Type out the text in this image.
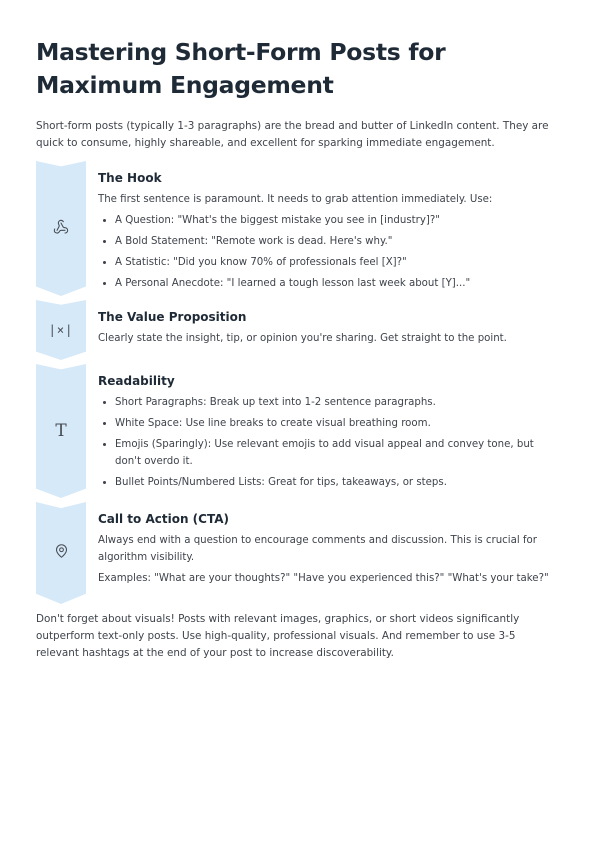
Mastering Short-Form Posts for Maximum Engagement

Short-form posts (typically 1-3 paragraphs) are the bread and butter of LinkedIn content. They are quick to consume, highly shareable, and excellent for sparking immediate engagement.

The Hook

The first sentence is paramount. It needs to grab attention immediately. Use:

• A Question: "What's the biggest mistake you see in [industry]?"
• A Bold Statement: "Remote work is dead. Here's why."
• A Statistic: "Did you know 70% of professionals feel [X]?"
• A Personal Anecdote: "I learned a tough lesson last week about [Y]..."
|×|
The Value Proposition

Clearly state the insight, tip, or opinion you're sharing. Get straight to the point.

T
Readability
• Short Paragraphs: Break up text into 1-2 sentence paragraphs.
• White Space: Use line breaks to create visual breathing room.
• Emojis (Sparingly): Use relevant emojis to add visual appeal and convey tone, but don't overdo it.
• Bullet Points/Numbered Lists: Great for tips, takeaways, or steps.
Call to Action (CTA)

Always end with a question to encourage comments and discussion. This is crucial for algorithm visibility.

Examples: "What are your thoughts?" "Have you experienced this?" "What's your take?"

Don't forget about visuals! Posts with relevant images, graphics, or short videos significantly outperform text-only posts. Use high-quality, professional visuals. And remember to use 3-5 relevant hashtags at the end of your post to increase discoverability.
